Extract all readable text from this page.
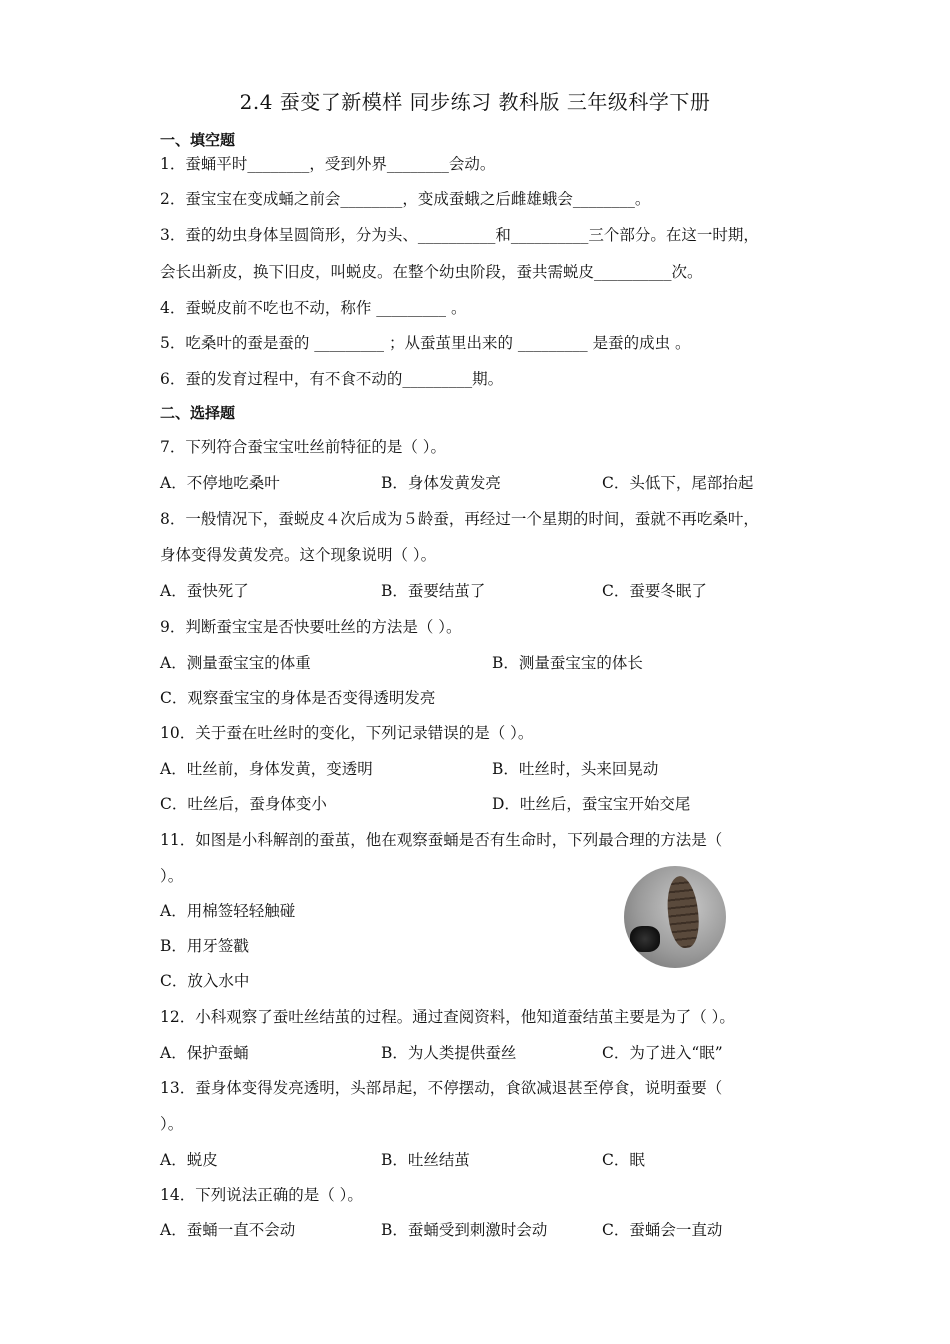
2.4 蚕变了新模样 同步练习 教科版 三年级科学下册
一、填空题
1．蚕蛹平时________，受到外界________会动。
2．蚕宝宝在变成蛹之前会________，变成蚕蛾之后雌雄蛾会________。
3．蚕的幼虫身体呈圆筒形，分为头、__________和__________三个部分。在这一时期，
会长出新皮，换下旧皮，叫蜕皮。在整个幼虫阶段，蚕共需蜕皮__________次。
4．蚕蜕皮前不吃也不动，称作 _________ 。
5．吃桑叶的蚕是蚕的 _________ ；从蚕茧里出来的 _________ 是蚕的成虫 。
6．蚕的发育过程中，有不食不动的_________期。
二、选择题
7．下列符合蚕宝宝吐丝前特征的是（ ）。
A．不停地吃桑叶	B．身体发黄发亮	C．头低下，尾部抬起
8．一般情况下，蚕蜕皮４次后成为５龄蚕，再经过一个星期的时间，蚕就不再吃桑叶，
身体变得发黄发亮。这个现象说明（ ）。
A．蚕快死了	B．蚕要结茧了	C．蚕要冬眠了
9．判断蚕宝宝是否快要吐丝的方法是（ ）。
A．测量蚕宝宝的体重	B．测量蚕宝宝的体长
C．观察蚕宝宝的身体是否变得透明发亮
10．关于蚕在吐丝时的变化，下列记录错误的是（ ）。
A．吐丝前，身体发黄，变透明	B．吐丝时，头来回晃动
C．吐丝后，蚕身体变小	D．吐丝后，蚕宝宝开始交尾
11．如图是小科解剖的蚕茧，他在观察蚕蛹是否有生命时，下列最合理的方法是（
）。
A．用棉签轻轻触碰
B．用牙签戳
C．放入水中
12．小科观察了蚕吐丝结茧的过程。通过查阅资料，他知道蚕结茧主要是为了（ ）。
A．保护蚕蛹	B．为人类提供蚕丝	C．为了进入“眠”
13．蚕身体变得发亮透明，头部昂起，不停摆动，食欲减退甚至停食，说明蚕要（
）。
A．蜕皮	B．吐丝结茧	C．眠
14．下列说法正确的是（ ）。
A．蚕蛹一直不会动	B．蚕蛹受到刺激时会动	C．蚕蛹会一直动
